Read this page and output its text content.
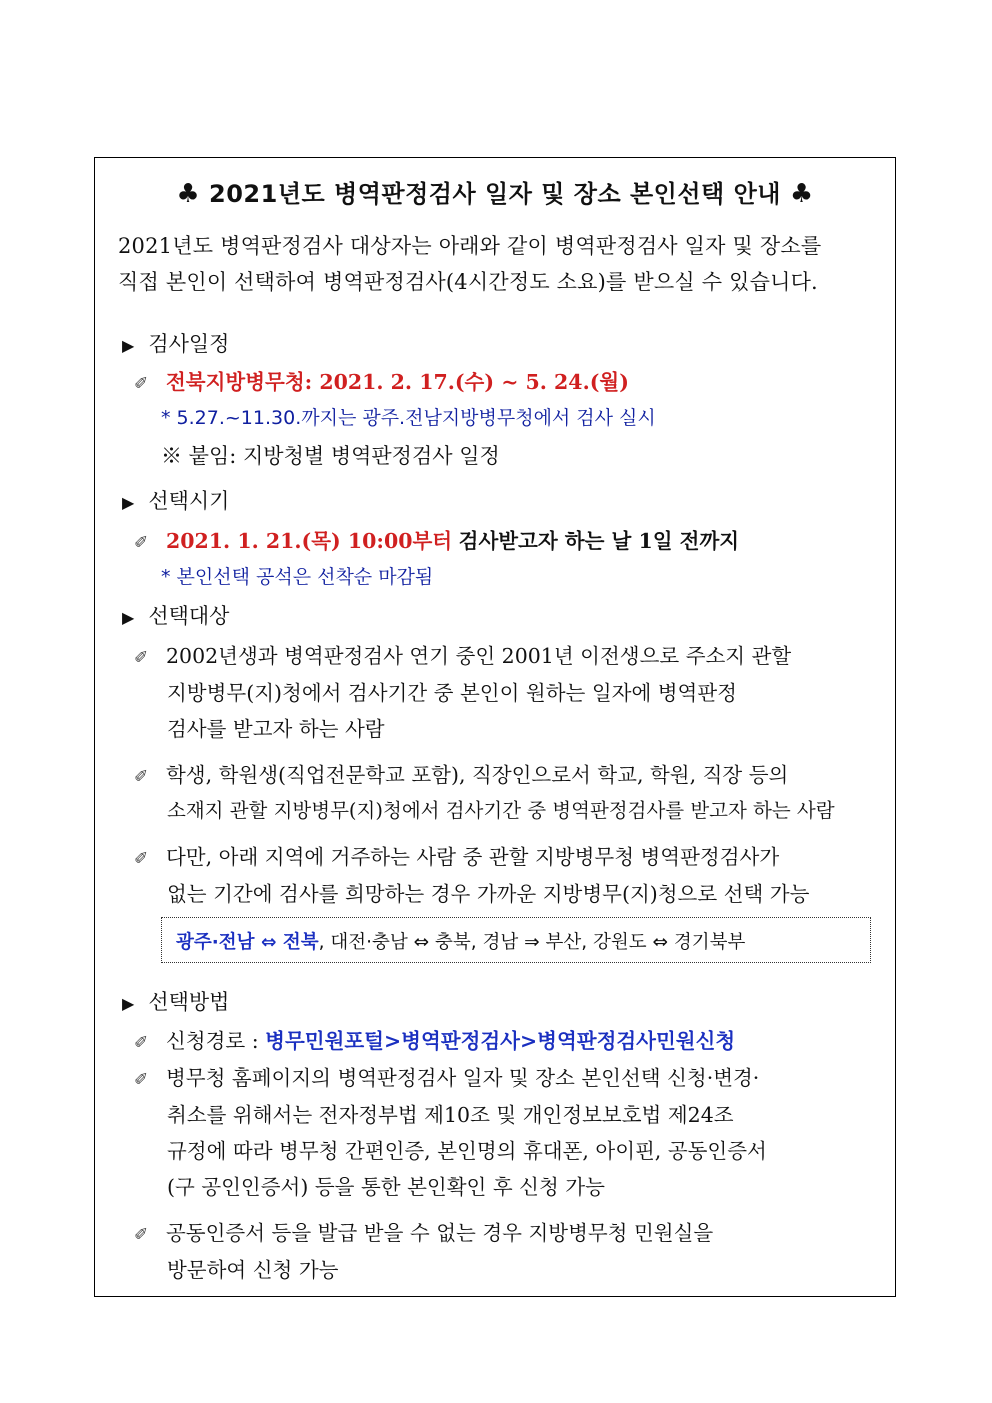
♣ 2021년도 병역판정검사 일자 및 장소 본인선택 안내 ♣
2021년도 병역판정검사 대상자는 아래와 같이 병역판정검사 일자 및 장소를
직접 본인이 선택하여 병역판정검사(4시간정도 소요)를 받으실 수 있습니다.
▶ 검사일정
✐ 전북지방병무청: 2021. 2. 17.(수) ~ 5. 24.(월)
* 5.27.~11.30.까지는 광주.전남지방병무청에서 검사 실시
※ 붙임: 지방청별 병역판정검사 일정
▶ 선택시기
✐ 2021. 1. 21.(목) 10:00부터 검사받고자 하는 날 1일 전까지
* 본인선택 공석은 선착순 마감됨
▶ 선택대상
✐ 2002년생과 병역판정검사 연기 중인 2001년 이전생으로 주소지 관할
지방병무(지)청에서 검사기간 중 본인이 원하는 일자에 병역판정
검사를 받고자 하는 사람
✐ 학생, 학원생(직업전문학교 포함), 직장인으로서 학교, 학원, 직장 등의
소재지 관할 지방병무(지)청에서 검사기간 중 병역판정검사를 받고자 하는 사람
✐ 다만, 아래 지역에 거주하는 사람 중 관할 지방병무청 병역판정검사가
없는 기간에 검사를 희망하는 경우 가까운 지방병무(지)청으로 선택 가능
광주·전남 ⇔ 전북, 대전·충남 ⇔ 충북, 경남 ⇒ 부산, 강원도 ⇔ 경기북부
▶ 선택방법
✐ 신청경로 : 병무민원포털>병역판정검사>병역판정검사민원신청
✐ 병무청 홈페이지의 병역판정검사 일자 및 장소 본인선택 신청·변경·
취소를 위해서는 전자정부법 제10조 및 개인정보보호법 제24조
규정에 따라 병무청 간편인증, 본인명의 휴대폰, 아이핀, 공동인증서
(구 공인인증서) 등을 통한 본인확인 후 신청 가능
✐ 공동인증서 등을 발급 받을 수 없는 경우 지방병무청 민원실을
방문하여 신청 가능
